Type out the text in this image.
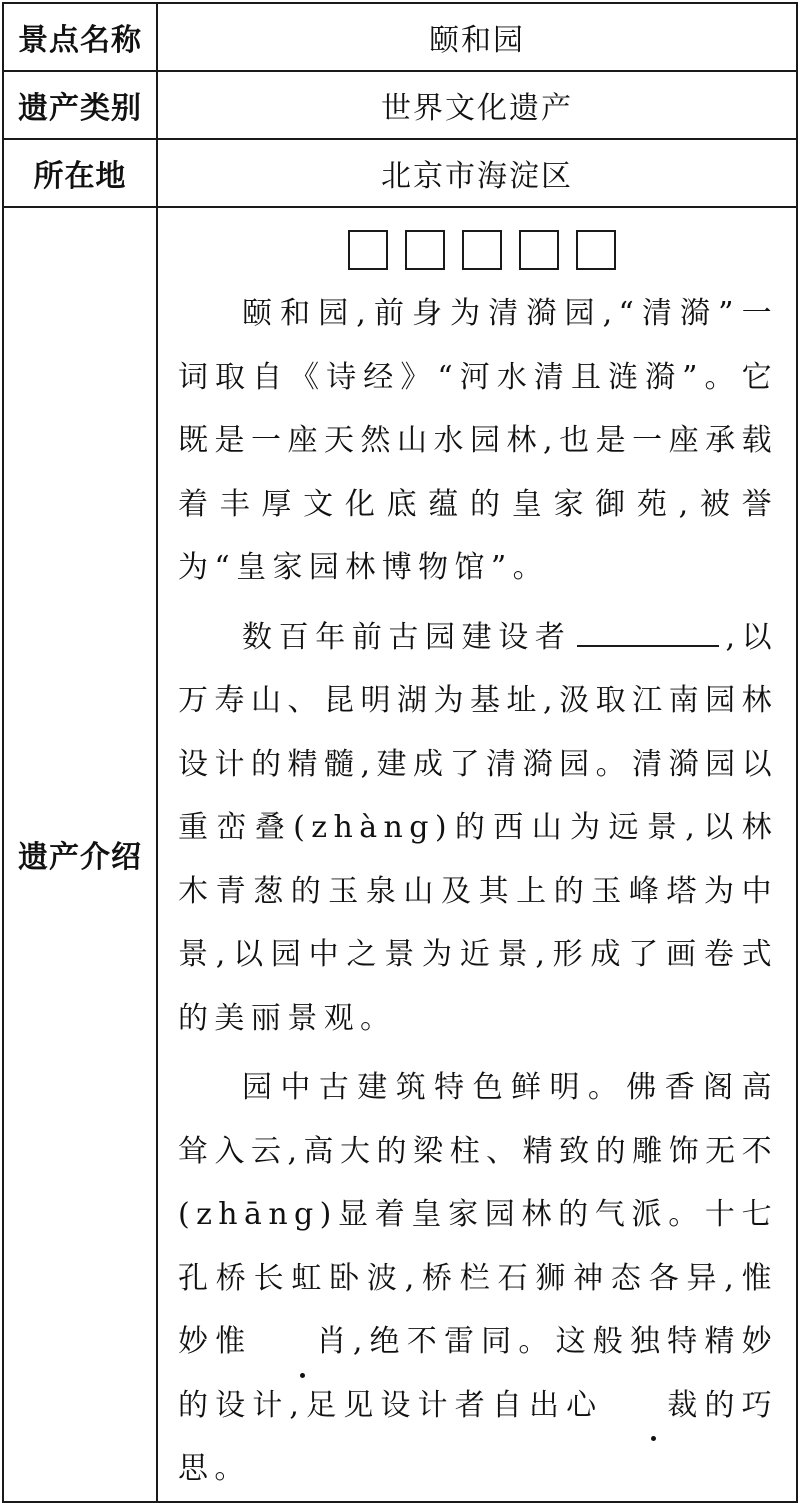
景点名称	颐和园
遗产类别	世界文化遗产
所在地	北京市海淀区
遗产介绍	颐和园,前身为清漪园,“清漪”一词取自《诗经》“河水清且涟漪”。它既是一座天然山水园林,也是一座承载着丰厚文化底蕴的皇家御苑,被誉为“皇家园林博物馆”。

数百年前古园建设者 ,以万寿山、昆明湖为基址,汲取江南园林设计的精髓,建成了清漪园。清漪园以重峦叠(zhàng)的西山为远景,以林木青葱的玉泉山及其上的玉峰塔为中景,以园中之景为近景,形成了画卷式的美丽景观。

园中古建筑特色鲜明。佛香阁高耸入云,高大的梁柱、精致的雕饰无不(zhāng)显着皇家园林的气派。十七孔桥长虹卧波,桥栏石狮神态各异,惟妙惟 肖,绝不雷同。这般独特精妙的设计,足见设计者自出心 裁的巧思。
